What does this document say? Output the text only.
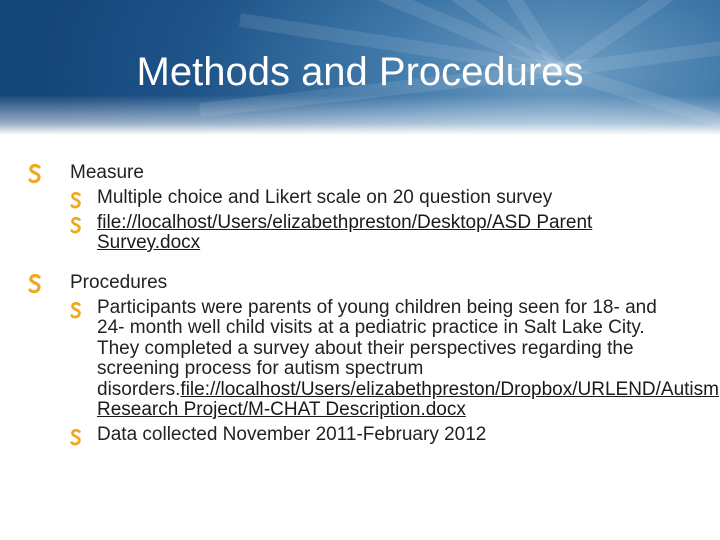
Methods and Procedures
Measure
Multiple choice and Likert scale on 20 question survey
file://localhost/Users/elizabethpreston/Desktop/ASD Parent Survey.docx
Procedures
Participants were parents of young children being seen for 18- and 24- month well child visits at a pediatric practice in Salt Lake City. They completed a survey about their perspectives regarding the screening process for autism spectrum disorders.file://localhost/Users/elizabethpreston/Dropbox/URLEND/Autism Research Project/M-CHAT Description.docx
Data collected November 2011-February 2012
